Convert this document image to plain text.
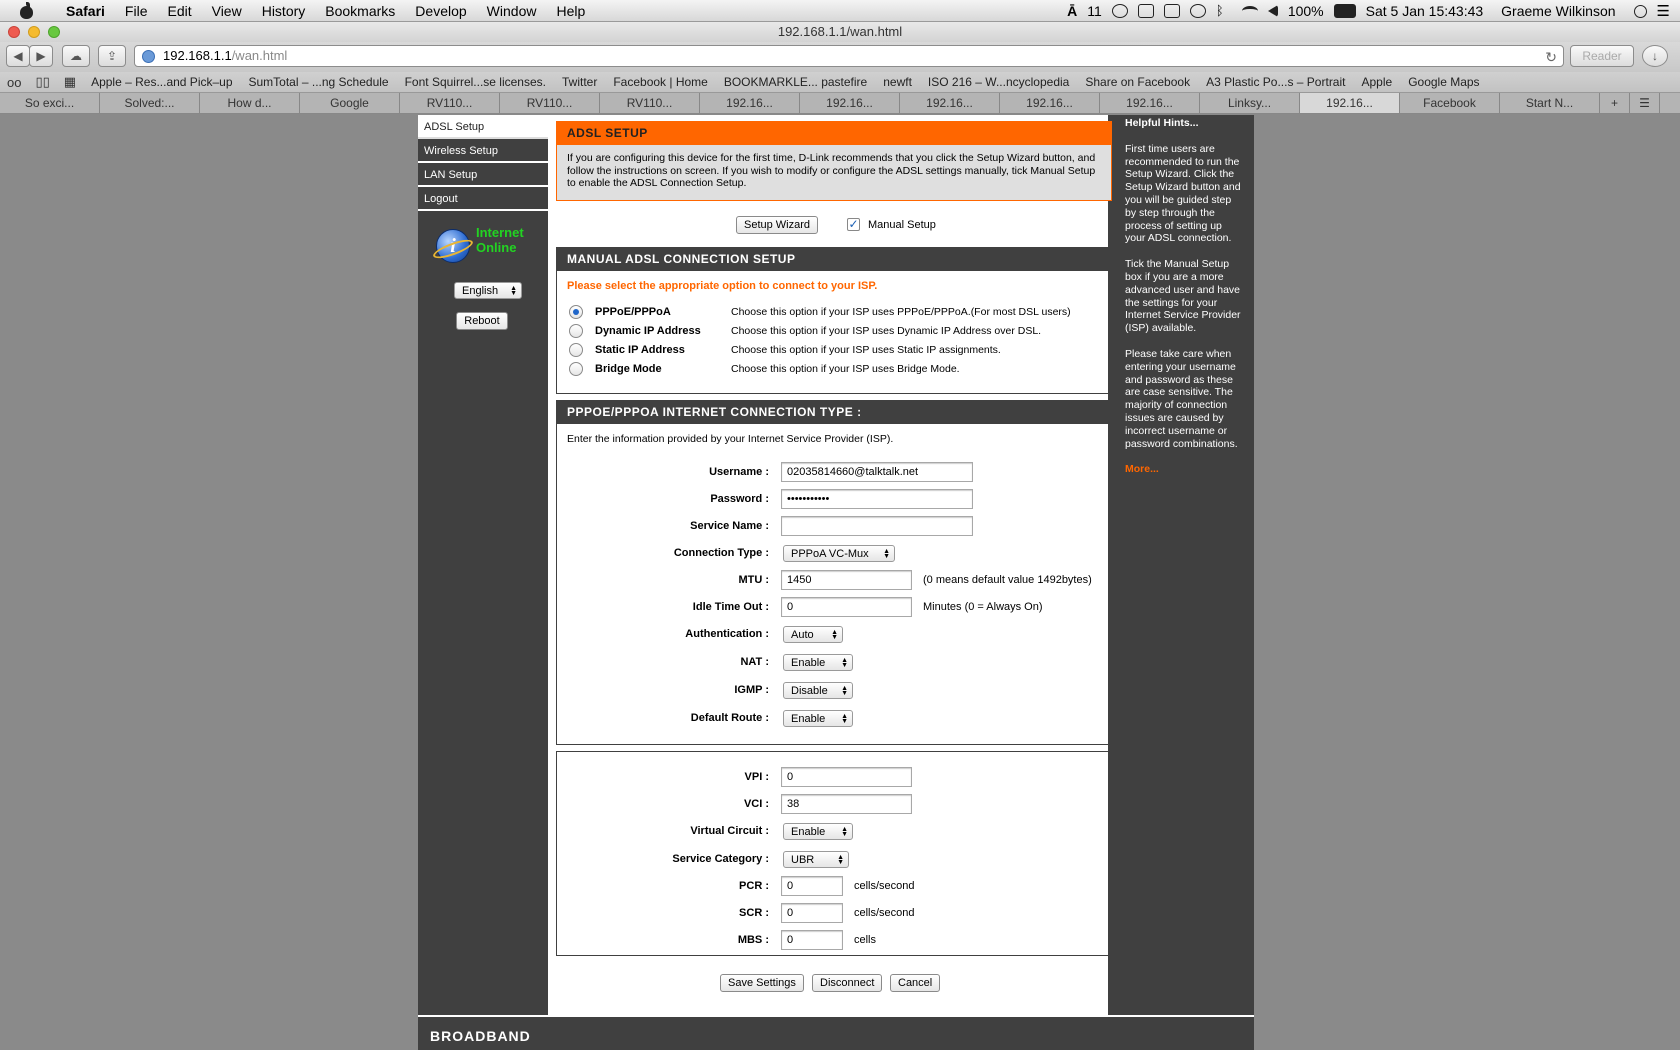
Safari	File	Edit	View	History	Bookmarks	Develop	Window	Help	Ā 11	ᛒ	100%	Sat 5 Jan 15:43:43 Graeme Wilkinson	☰
192.168.1.1/wan.html
◀	▶	☁	⇪	192.168.1.1/wan.html	↻	Reader	↓
oo	▯▯	▦	Apple – Res...and Pick–up	SumTotal – ...ng Schedule	Font Squirrel...se licenses.	Twitter	Facebook | Home	BOOKMARKLE... pastefire	newft	ISO 216 – W...ncyclopedia	Share on Facebook	A3 Plastic Po...s – Portrait	Apple	Google Maps
So exci...	Solved:...	How d...	Google	RV110...	RV110...	RV110...	192.16...	192.16...	192.16...	192.16...	192.16...	Linksy...	192.16...	Facebook	Start N...	+	☰
ADSL Setup
Wireless Setup
LAN Setup
Logout
i
Internet
Online
English ▲
▼
Reboot
ADSL SETUP
If you are configuring this device for the first time, D-Link recommends that you click the Setup Wizard button, and follow the instructions on screen. If you wish to modify or configure the ADSL settings manually, tick Manual Setup to enable the ADSL Connection Setup.
Setup Wizard	✓ Manual Setup
MANUAL ADSL CONNECTION SETUP
Please select the appropriate option to connect to your ISP.
PPPoE/PPPoA	Choose this option if your ISP uses PPPoE/PPPoA.(For most DSL users)
Dynamic IP Address	Choose this option if your ISP uses Dynamic IP Address over DSL.
Static IP Address	Choose this option if your ISP uses Static IP assignments.
Bridge Mode	Choose this option if your ISP uses Bridge Mode.
PPPOE/PPPOA INTERNET CONNECTION TYPE :
Enter the information provided by your Internet Service Provider (ISP).
Username :	02035814660@talktalk.net
Password :	•••••••••••
Service Name :
Connection Type : PPPoA VC-Mux ▲
▼
MTU :	1450	(0 means default value 1492bytes)
Idle Time Out :	0	Minutes (0 = Always On)
Authentication : Auto ▲
▼
NAT : Enable ▲
▼
IGMP : Disable ▲
▼
Default Route : Enable ▲
▼
VPI :	0
VCI :	38
Virtual Circuit : Enable ▲
▼
Service Category : UBR	▲
▼
PCR :	0	cells/second
SCR :	0	cells/second
MBS :	0	cells
Save Settings	Disconnect	Cancel
Helpful Hints...

First time users are recommended to run the Setup Wizard. Click the Setup Wizard button and you will be guided step by step through the process of setting up your ADSL connection.

Tick the Manual Setup box if you are a more advanced user and have the settings for your Internet Service Provider (ISP) available.

Please take care when entering your username and password as these are case sensitive. The majority of connection issues are caused by incorrect username or password combinations.

More...
BROADBAND
